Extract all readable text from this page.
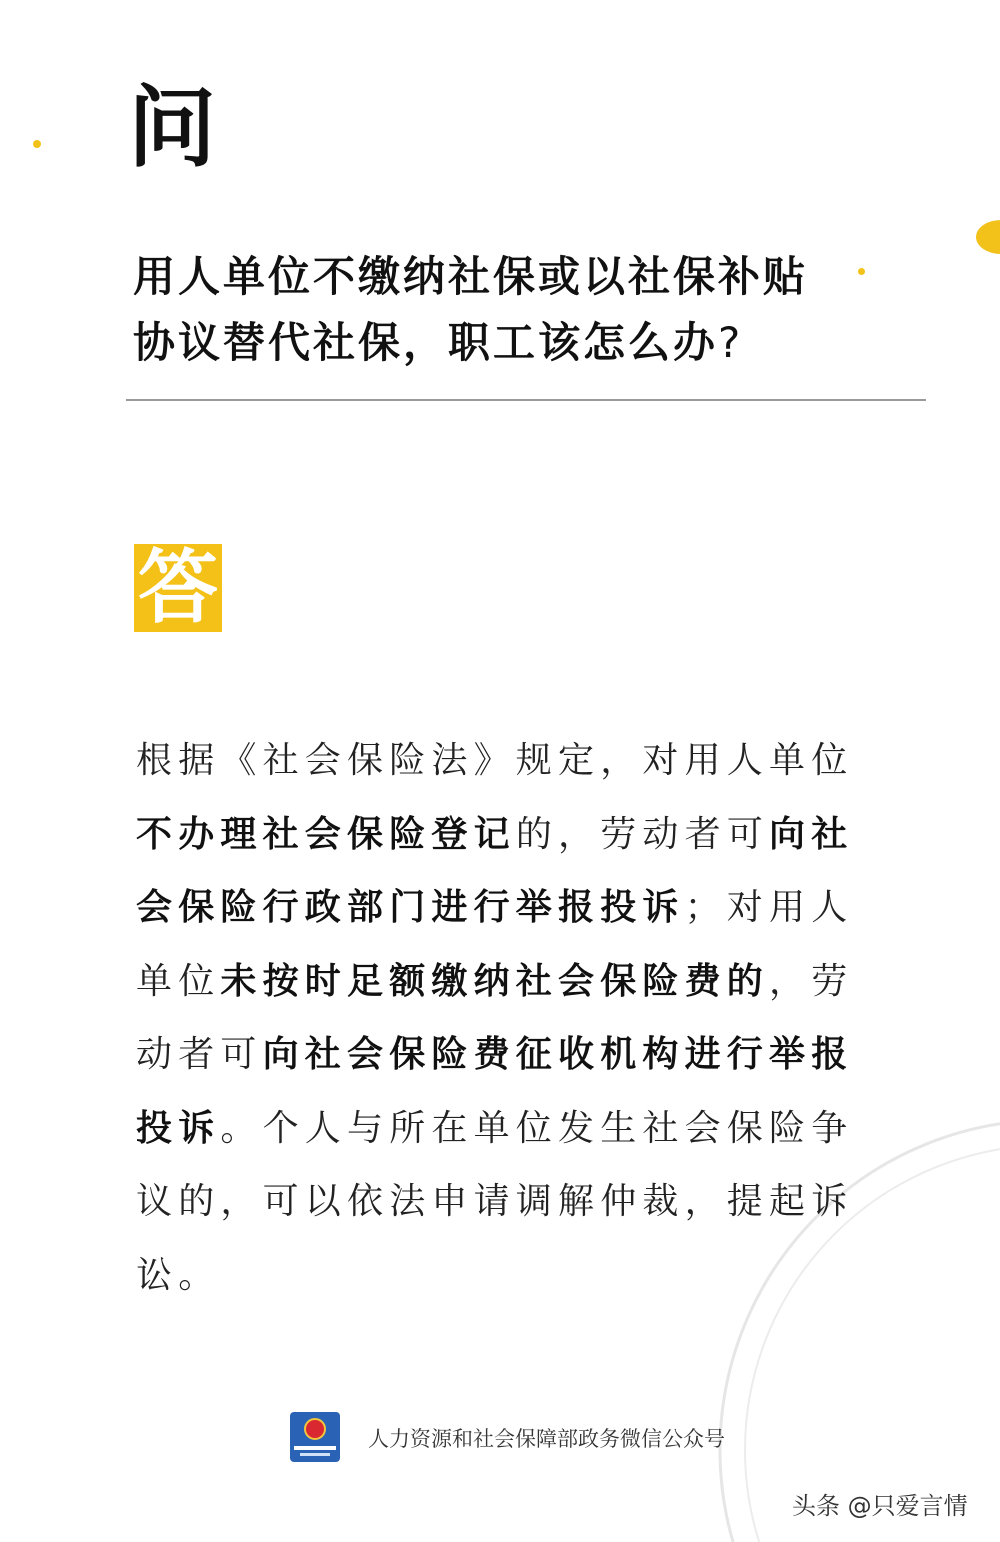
问
用人单位不缴纳社保或以社保补贴
协议替代社保，职工该怎么办?
答

根据《社会保险法》规定，对用人单位不办理社会保险登记的，劳动者可向社会保险行政部门进行举报投诉；对用人单位未按时足额缴纳社会保险费的，劳动者可向社会保险费征收机构进行举报投诉。个人与所在单位发生社会保险争议的，可以依法申请调解仲裁，提起诉讼。

人力资源和社会保障部政务微信公众号
头条 @只爱言情
